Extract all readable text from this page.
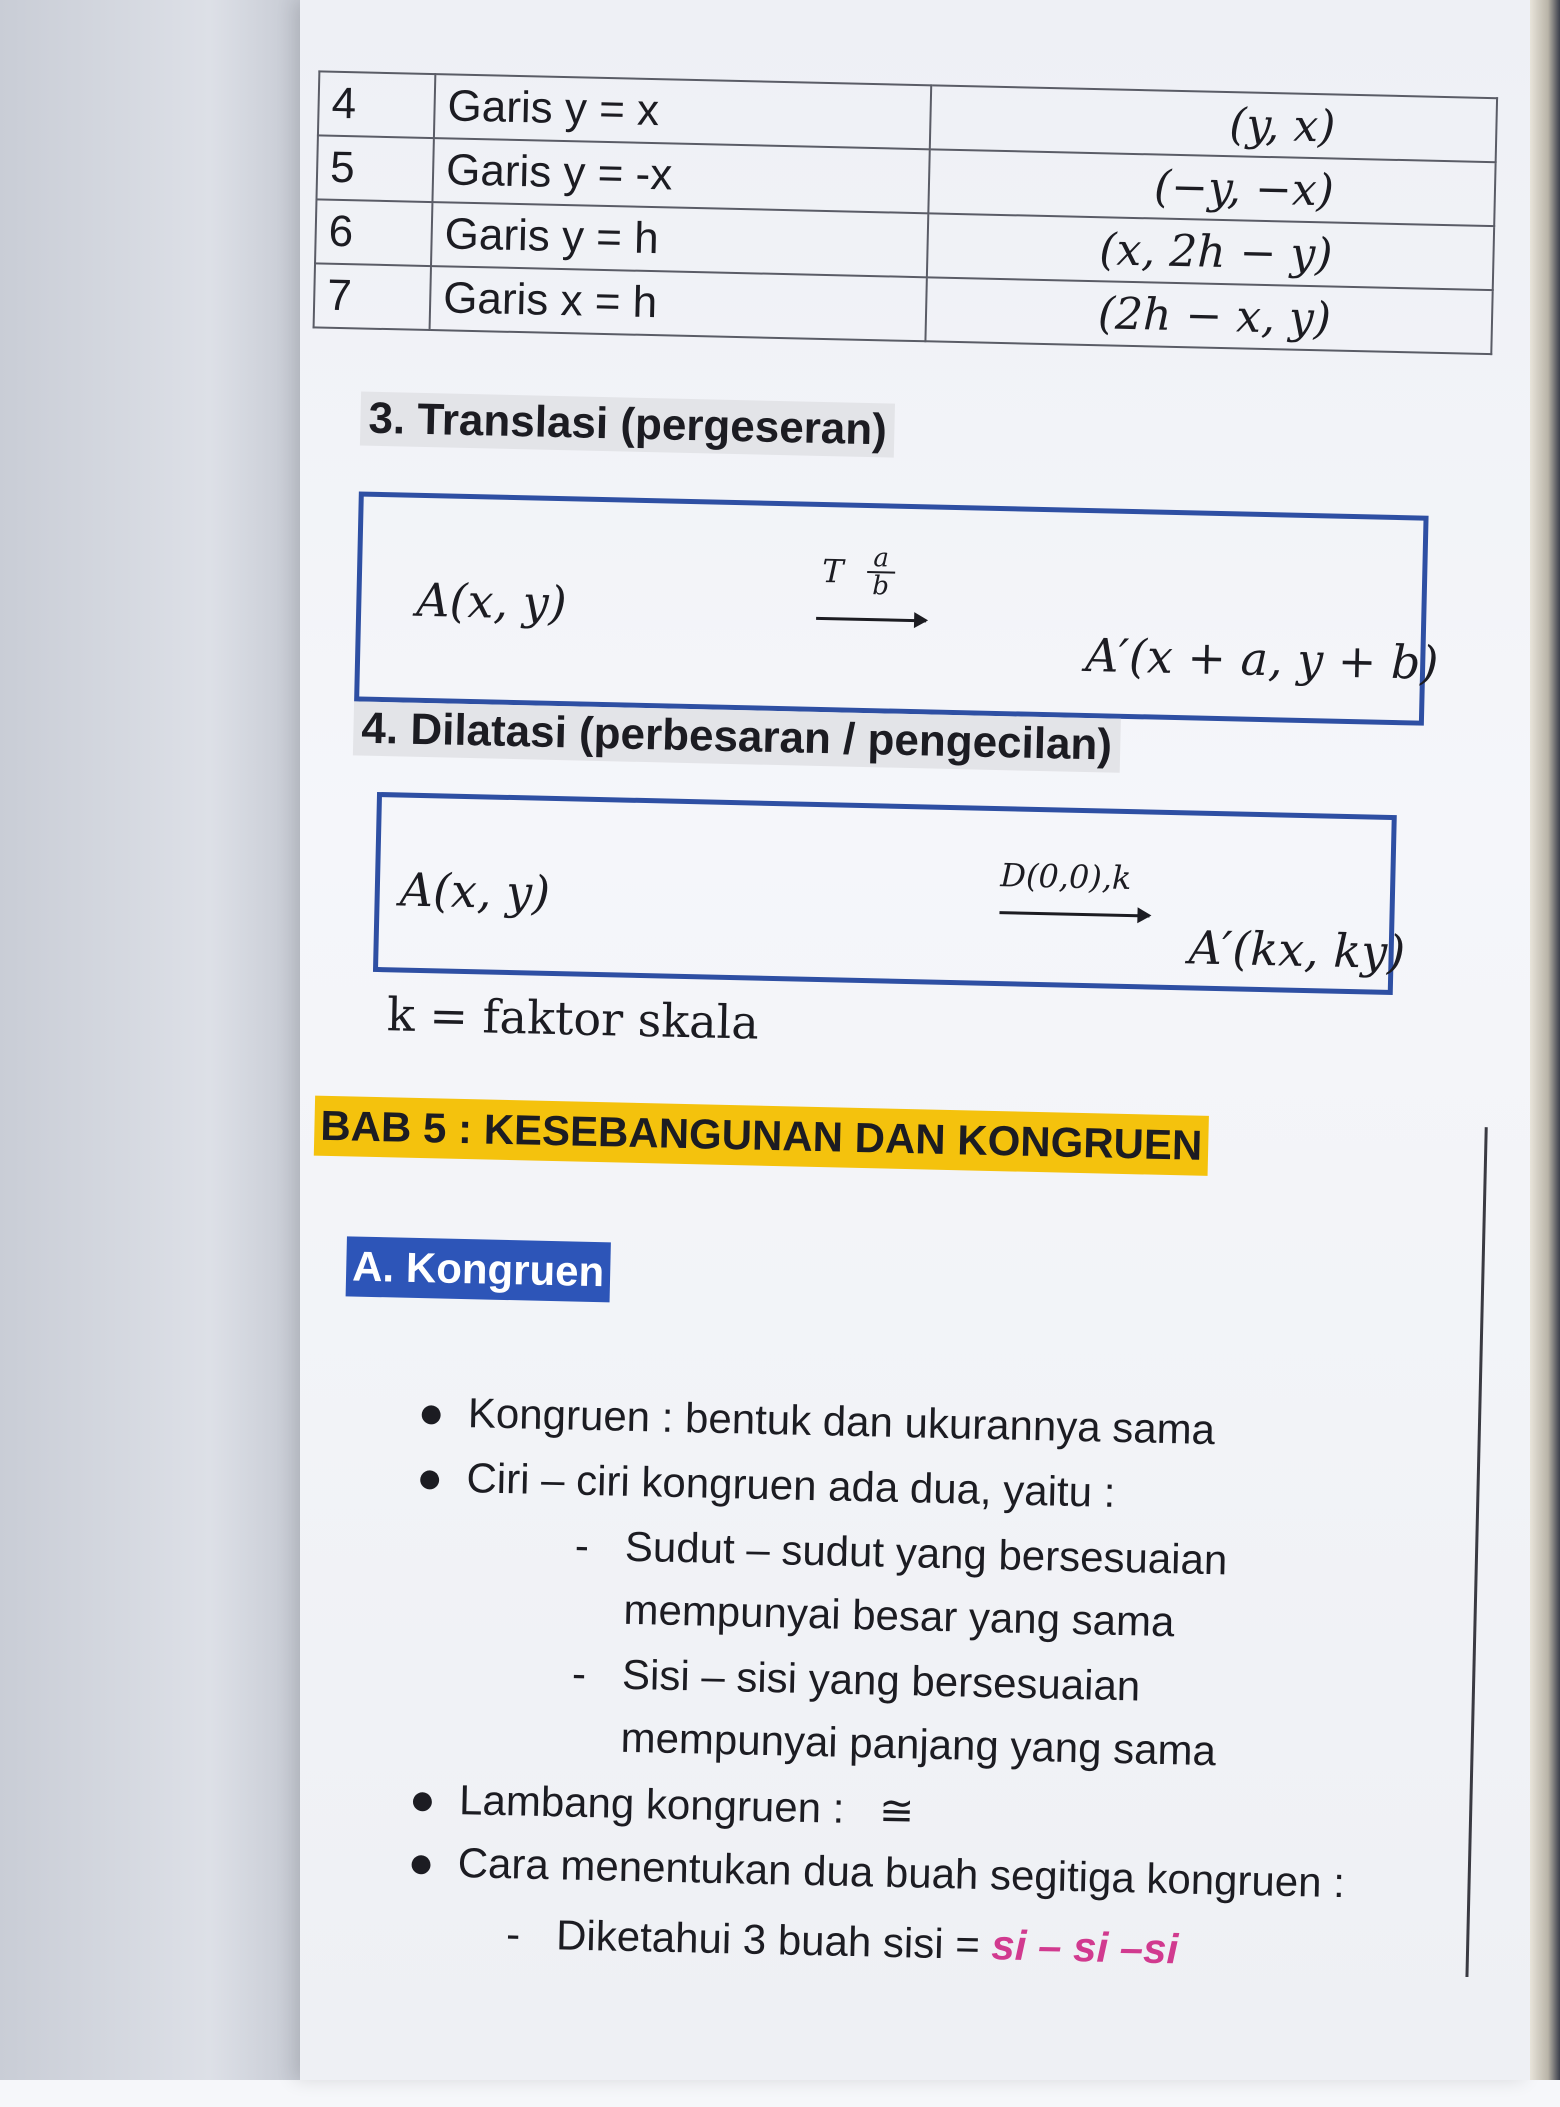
4	Garis y = x	(y, x)
5	Garis y = -x	(−y, −x)
6	Garis y = h	(x, 2h − y)
7	Garis x = h	(2h − x, y)
3. Translasi (pergeseran)
A(x, y)
T a
b
A′(x + a, y + b)
4. Dilatasi (perbesaran / pengecilan)
A(x, y)	D(0,0),k
A′(kx, ky)
k = faktor skala
BAB 5 : KESEBANGUNAN DAN KONGRUEN
A. Kongruen
● Kongruen : bentuk dan ukurannya sama
● Ciri – ciri kongruen ada dua, yaitu :
- Sudut – sudut yang bersesuaian
mempunyai besar yang sama
- Sisi – sisi yang bersesuaian
mempunyai panjang yang sama
● Lambang kongruen : ≅
● Cara menentukan dua buah segitiga kongruen :
- Diketahui 3 buah sisi = si – si –si
